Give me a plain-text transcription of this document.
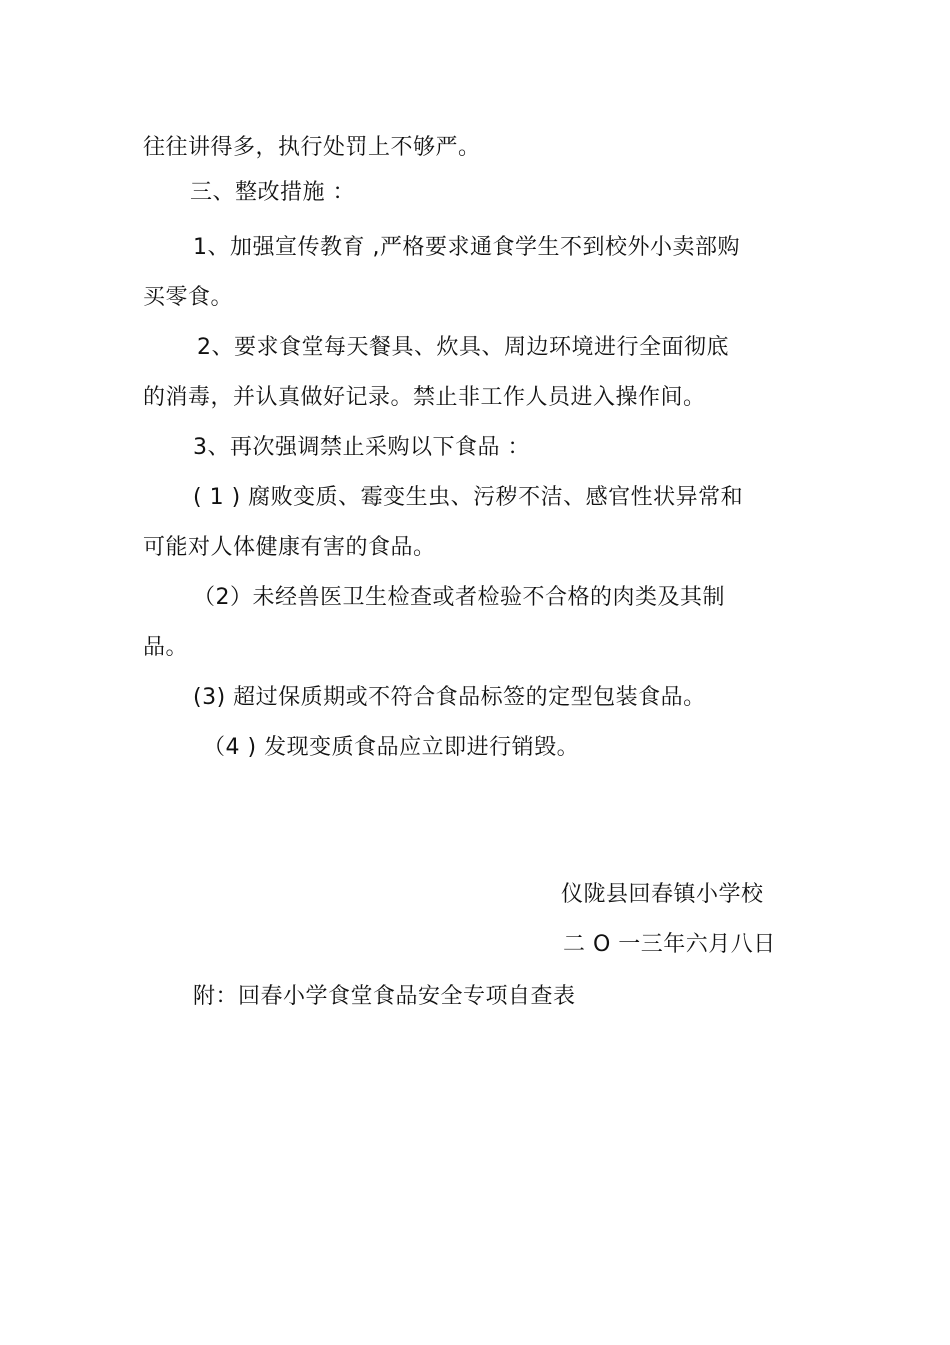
往往讲得多，执行处罚上不够严。
三、整改措施 ：
1、加强宣传教育 ,严格要求通食学生不到校外小卖部购
买零食。
2、要求食堂每天餐具、炊具、周边环境进行全面彻底
的消毒，并认真做好记录。禁止非工作人员进入操作间。
3、再次强调禁止采购以下食品 ：
( 1 ) 腐败变质、霉变生虫、污秽不洁、感官性状异常和
可能对人体健康有害的食品。
（2）未经兽医卫生检查或者检验不合格的肉类及其制
品。
(3) 超过保质期或不符合食品标签的定型包装食品。
（4 ) 发现变质食品应立即进行销毁。
仪陇县回春镇小学校
二 O 一三年六月八日
附：回春小学食堂食品安全专项自查表
